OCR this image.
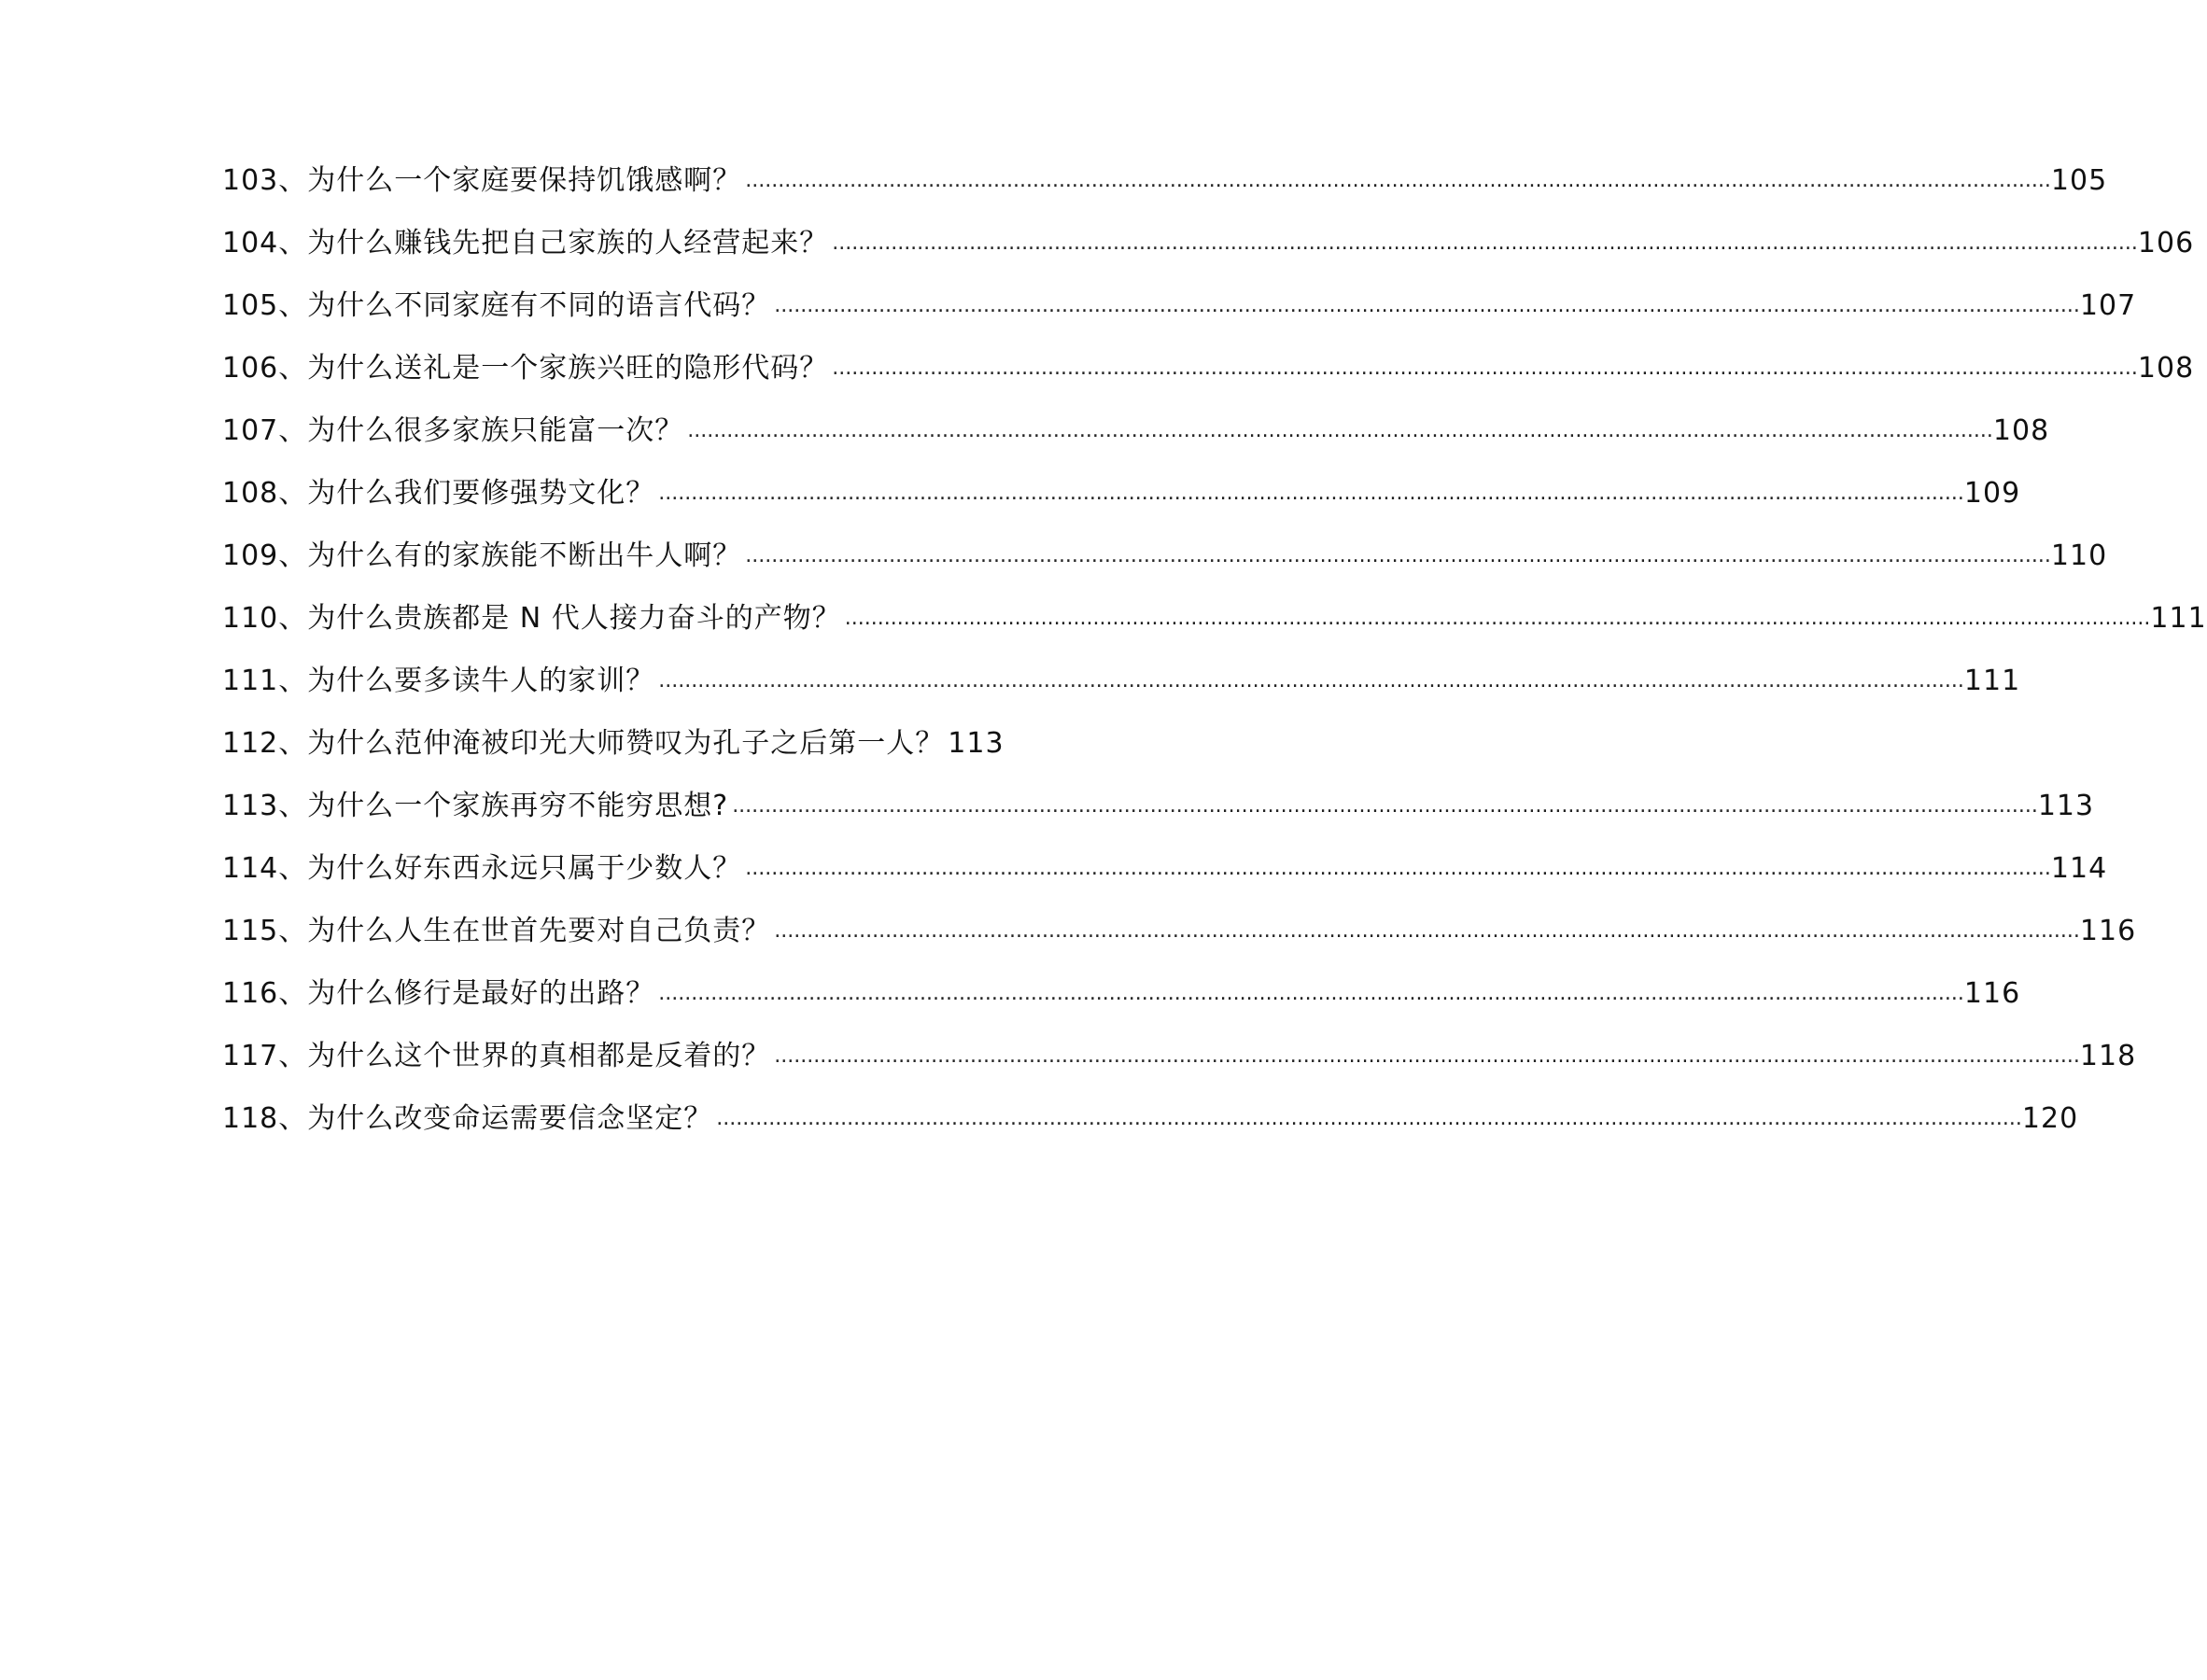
103、为什么一个家庭要保持饥饿感啊？ ........................................................................................................................................................................................................ 105
104、为什么赚钱先把自己家族的人经营起来？ ........................................................................................................................................................................................................ 106
105、为什么不同家庭有不同的语言代码？ ........................................................................................................................................................................................................ 107
106、为什么送礼是一个家族兴旺的隐形代码？ ........................................................................................................................................................................................................ 108
107、为什么很多家族只能富一次？ ........................................................................................................................................................................................................ 108
108、为什么我们要修强势文化？ ........................................................................................................................................................................................................ 109
109、为什么有的家族能不断出牛人啊？ ........................................................................................................................................................................................................ 110
110、为什么贵族都是 N 代人接力奋斗的产物？ ........................................................................................................................................................................................................ 111
111、为什么要多读牛人的家训？ ........................................................................................................................................................................................................ 111
112、为什么范仲淹被印光大师赞叹为孔子之后第一人？ 113
113、为什么一个家族再穷不能穷思想? ........................................................................................................................................................................................................ 113
114、为什么好东西永远只属于少数人？ ........................................................................................................................................................................................................ 114
115、为什么人生在世首先要对自己负责？ ........................................................................................................................................................................................................ 116
116、为什么修行是最好的出路？ ........................................................................................................................................................................................................ 116
117、为什么这个世界的真相都是反着的？ ........................................................................................................................................................................................................ 118
118、为什么改变命运需要信念坚定？ ........................................................................................................................................................................................................ 120
